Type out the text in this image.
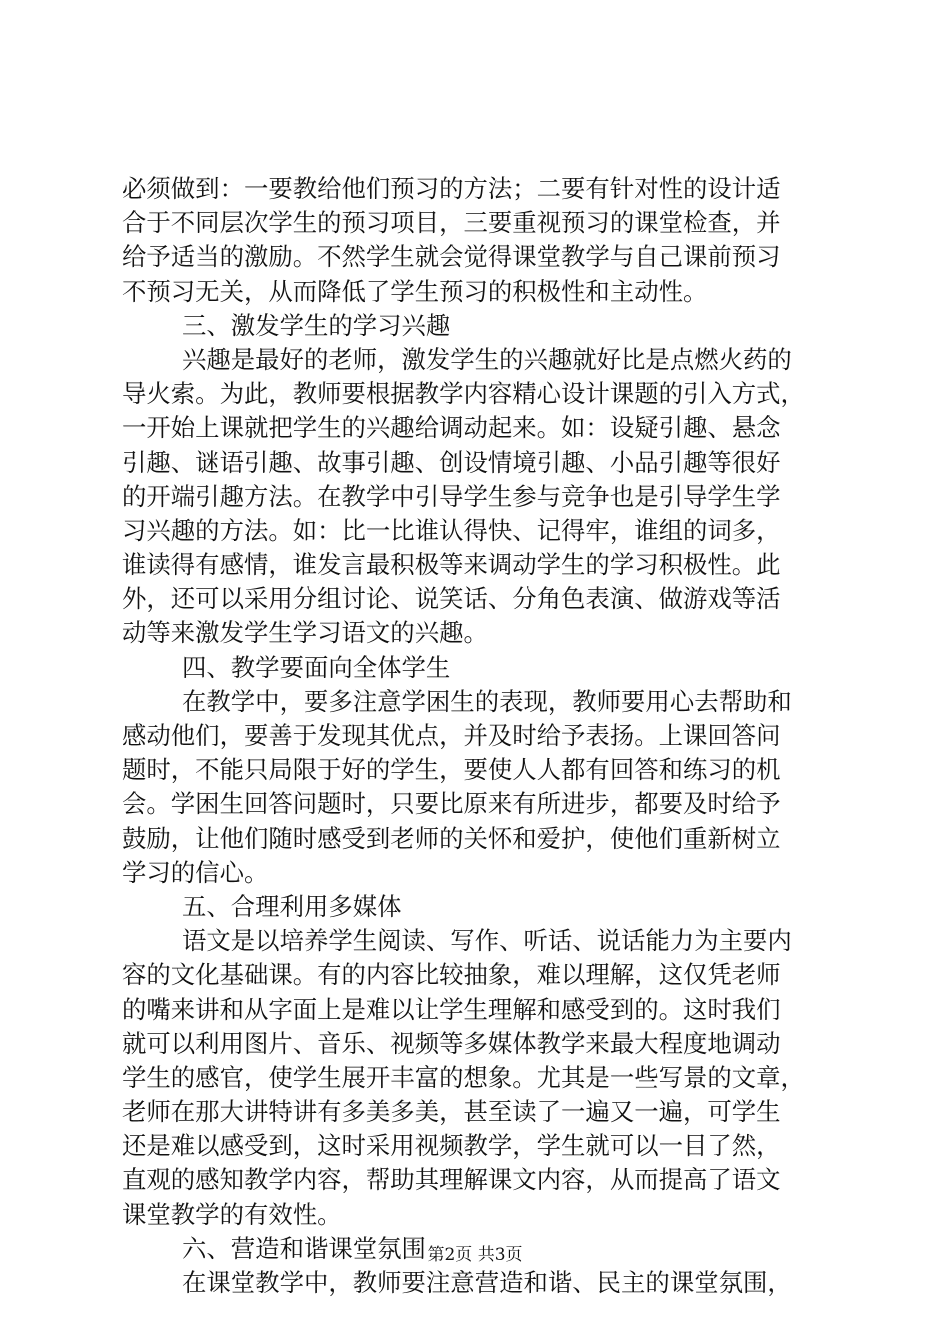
必须做到：一要教给他们预习的方法；二要有针对性的设计适
合于不同层次学生的预习项目，三要重视预习的课堂检查，并
给予适当的激励。不然学生就会觉得课堂教学与自己课前预习
不预习无关，从而降低了学生预习的积极性和主动性。
三、激发学生的学习兴趣
兴趣是最好的老师，激发学生的兴趣就好比是点燃火药的
导火索。为此，教师要根据教学内容精心设计课题的引入方式，
一开始上课就把学生的兴趣给调动起来。如：设疑引趣、悬念
引趣、谜语引趣、故事引趣、创设情境引趣、小品引趣等很好
的开端引趣方法。在教学中引导学生参与竞争也是引导学生学
习兴趣的方法。如：比一比谁认得快、记得牢，谁组的词多，
谁读得有感情，谁发言最积极等来调动学生的学习积极性。此
外，还可以采用分组讨论、说笑话、分角色表演、做游戏等活
动等来激发学生学习语文的兴趣。
四、教学要面向全体学生
在教学中，要多注意学困生的表现，教师要用心去帮助和
感动他们，要善于发现其优点，并及时给予表扬。上课回答问
题时，不能只局限于好的学生，要使人人都有回答和练习的机
会。学困生回答问题时，只要比原来有所进步，都要及时给予
鼓励，让他们随时感受到老师的关怀和爱护，使他们重新树立
学习的信心。
五、合理利用多媒体
语文是以培养学生阅读、写作、听话、说话能力为主要内
容的文化基础课。有的内容比较抽象，难以理解，这仅凭老师
的嘴来讲和从字面上是难以让学生理解和感受到的。这时我们
就可以利用图片、音乐、视频等多媒体教学来最大程度地调动
学生的感官，使学生展开丰富的想象。尤其是一些写景的文章，
老师在那大讲特讲有多美多美，甚至读了一遍又一遍，可学生
还是难以感受到，这时采用视频教学，学生就可以一目了然，
直观的感知教学内容，帮助其理解课文内容，从而提高了语文
课堂教学的有效性。
六、营造和谐课堂氛围
在课堂教学中，教师要注意营造和谐、民主的课堂氛围，
第2页 共3页
